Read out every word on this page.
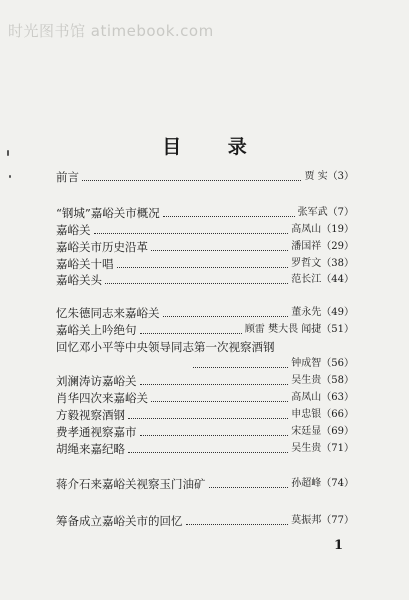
时光图书馆 atimebook.com
目 录
前言	贾 实 （3）
“钢城”嘉峪关市概况	张军武 （7）
嘉峪关	高凤山 （19）
嘉峪关市历史沿革	潘国祥 （29）
嘉峪关十唱	罗哲文 （38）
嘉峪关头	范长江 （44）
忆朱德同志来嘉峪关	董永先 （49）
嘉峪关上吟绝句	顾雷 樊大畏 闻捷 （51）
回忆邓小平等中央领导同志第一次视察酒钢
钟成智 （56）
刘澜涛访嘉峪关	吴生贵 （58）
肖华四次来嘉峪关	高凤山 （63）
方毅视察酒钢	申忠银 （66）
费孝通视察嘉市	宋廷显 （69）
胡绳来嘉纪略	吴生贵 （71）
蒋介石来嘉峪关视察玉门油矿	孙超峰 （74）
筹备成立嘉峪关市的回忆	莫振邦 （77）
1
